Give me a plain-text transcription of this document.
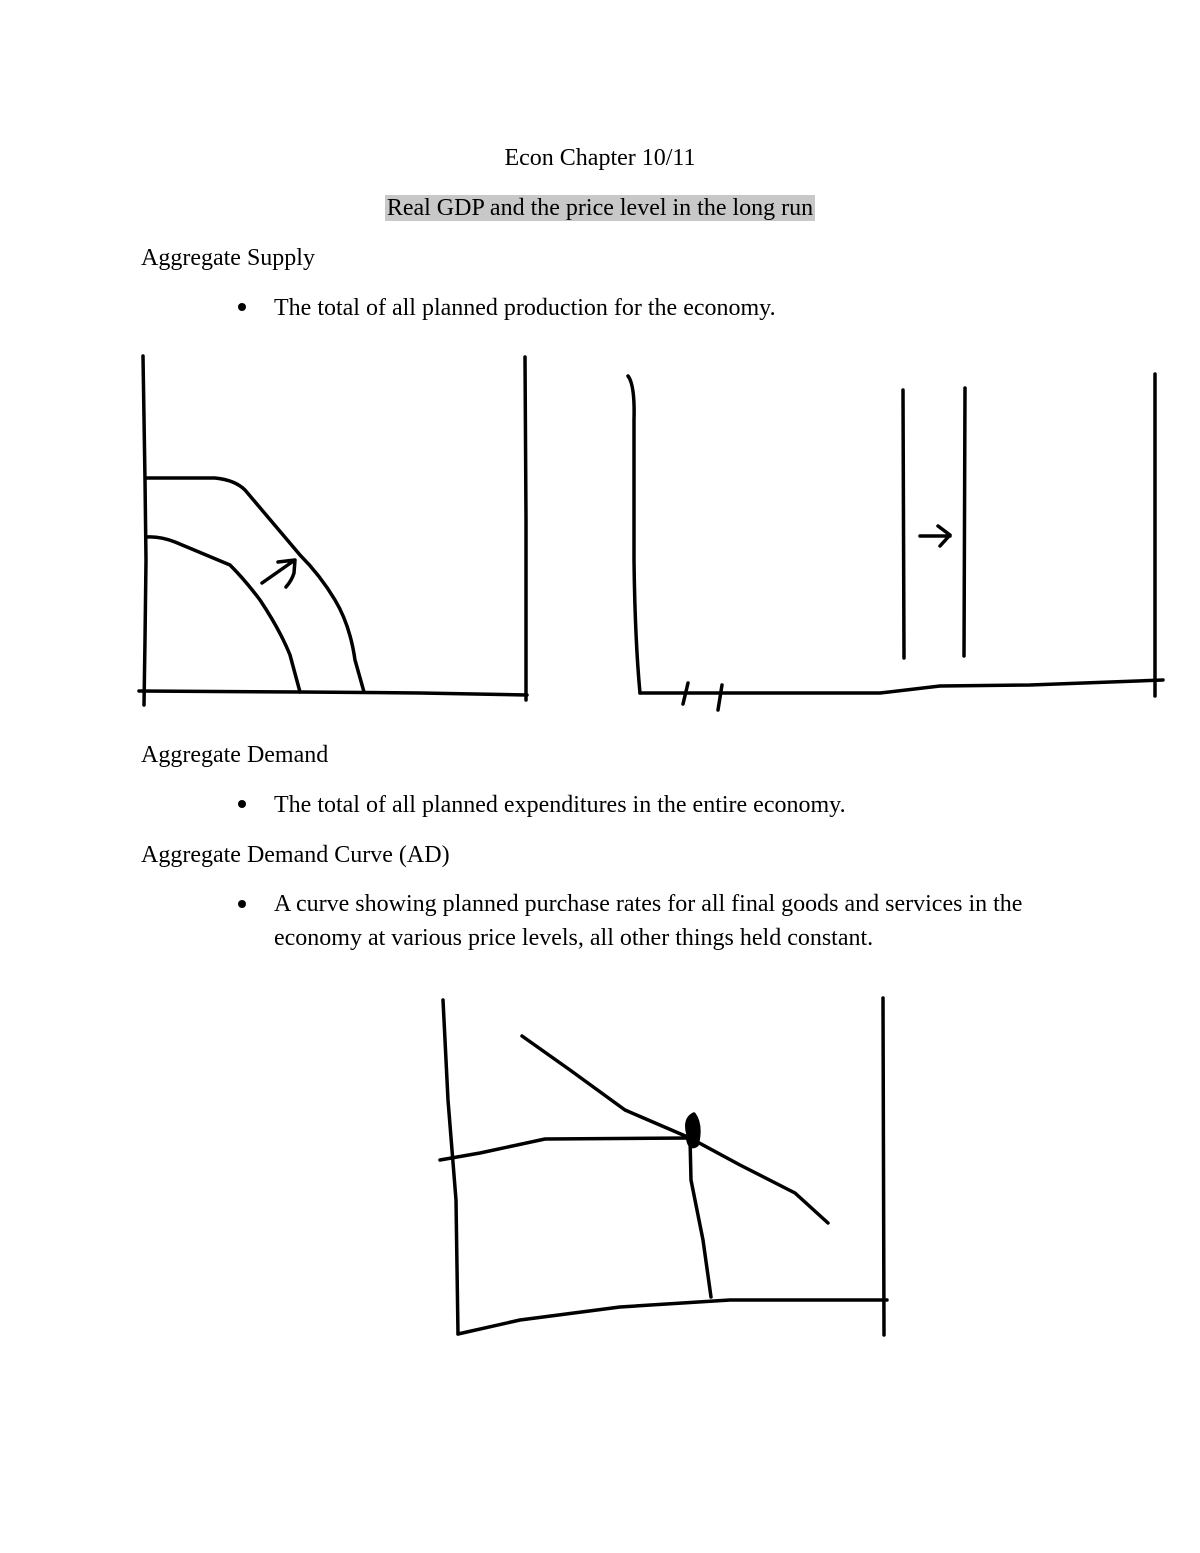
Econ Chapter 10/11
Real GDP and the price level in the long run
Aggregate Supply
The total of all planned production for the economy.
Aggregate Demand
The total of all planned expenditures in the entire economy.
Aggregate Demand Curve (AD)
A curve showing planned purchase rates for all final goods and services in the economy at various price levels, all other things held constant.
